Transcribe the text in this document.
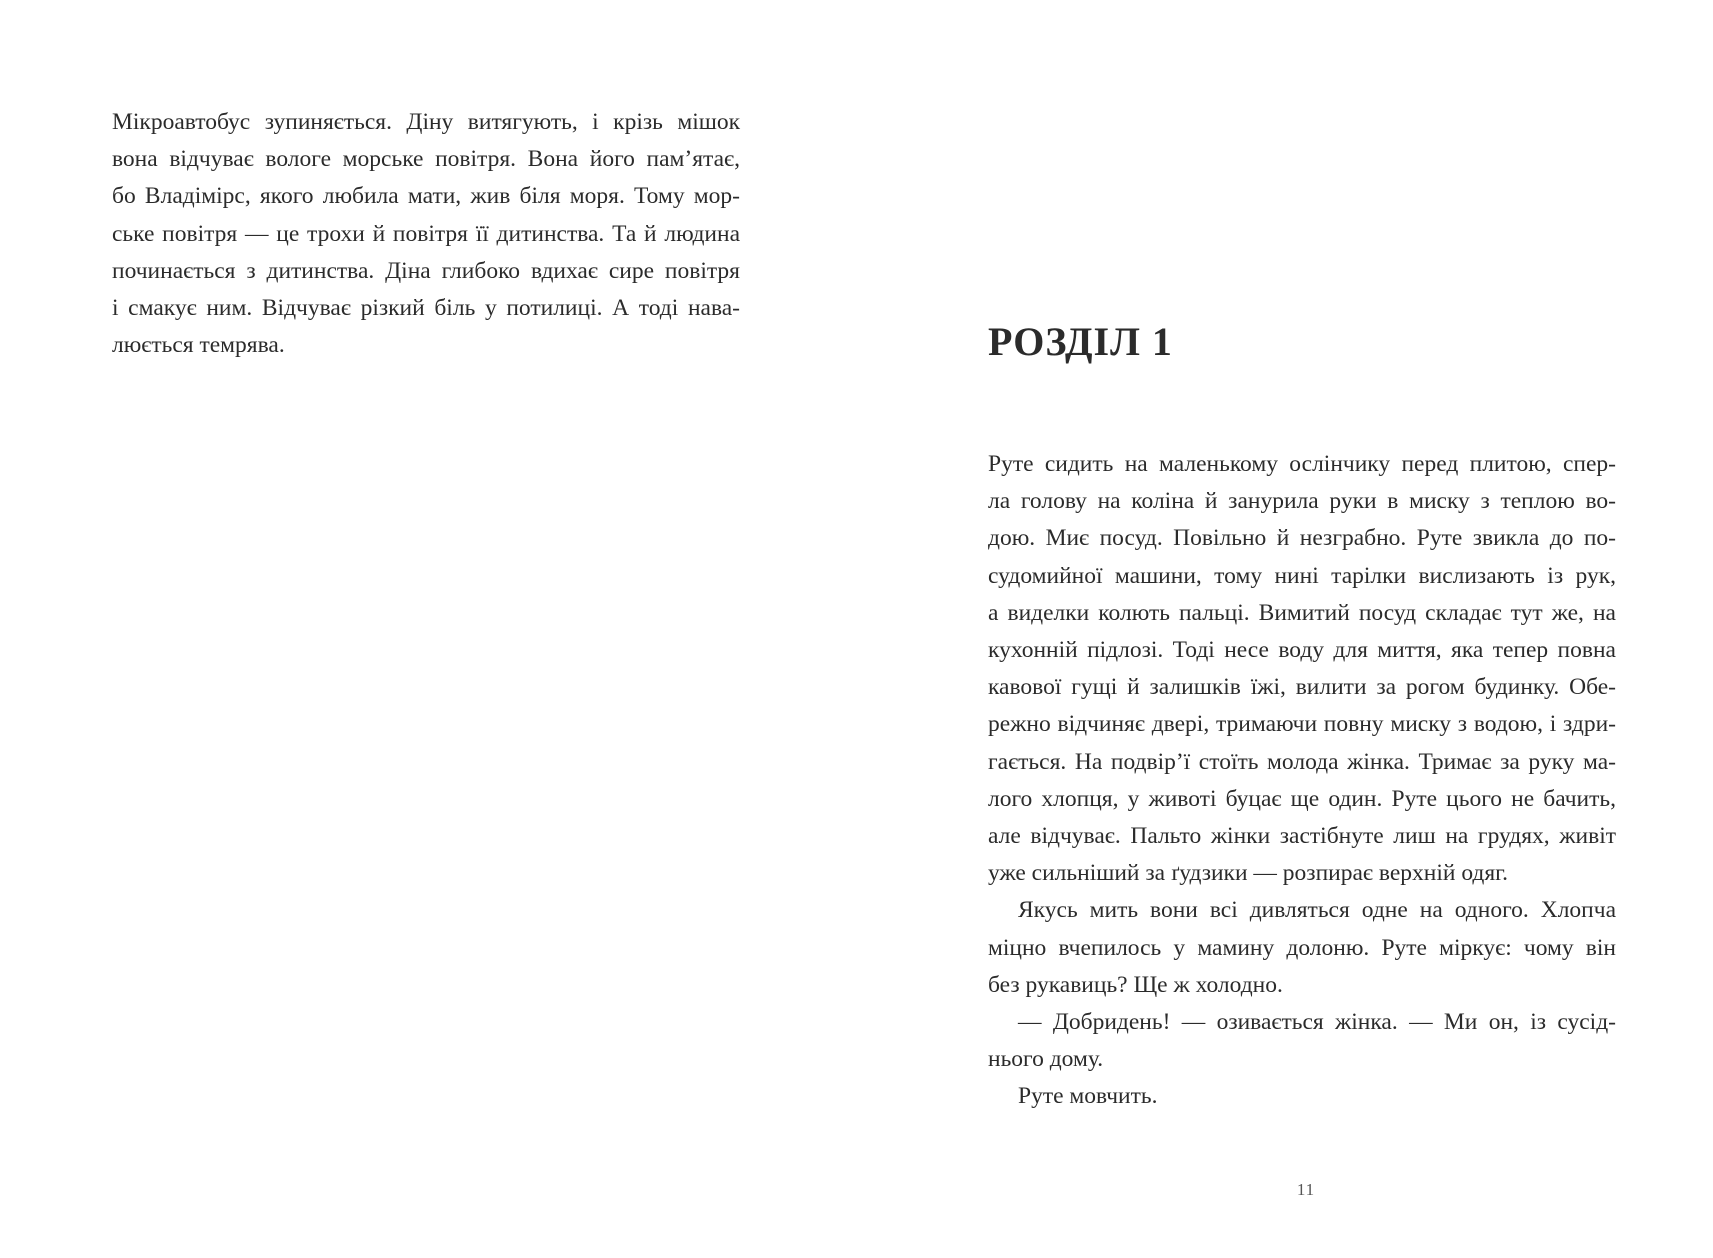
Мікроавтобус зупиняється. Діну витягують, і крізь мішок
вона відчуває вологе морське повітря. Вона його пам’ятає,
бо Владімірс, якого любила мати, жив біля моря. Тому мор-
ське повітря — це трохи й повітря її дитинства. Та й людина
починається з дитинства. Діна глибоко вдихає сире повітря
і смакує ним. Відчуває різкий біль у потилиці. А тоді нава-
люється темрява.	РОЗДІЛ 1
Руте сидить на маленькому ослінчику перед плитою, спер-
ла голову на коліна й занурила руки в миску з теплою во-
дою. Миє посуд. Повільно й незграбно. Руте звикла до по-
судомийної машини, тому нині тарілки вислизають із рук,
а виделки колють пальці. Вимитий посуд складає тут же, на
кухонній підлозі. Тоді несе воду для миття, яка тепер повна
кавової гущі й залишків їжі, вилити за рогом будинку. Обе-
режно відчиняє двері, тримаючи повну миску з водою, і здри-
гається. На подвір’ї стоїть молода жінка. Тримає за руку ма-
лого хлопця, у животі буцає ще один. Руте цього не бачить,
але відчуває. Пальто жінки застібнуте лиш на грудях, живіт
уже сильніший за ґудзики — розпирає верхній одяг.
Якусь мить вони всі дивляться одне на одного. Хлопча
міцно вчепилось у мамину долоню. Руте міркує: чому він
без рукавиць? Ще ж холодно.
— Добридень! — озивається жінка. — Ми он, із сусід-
нього дому.
Руте мовчить.
11
